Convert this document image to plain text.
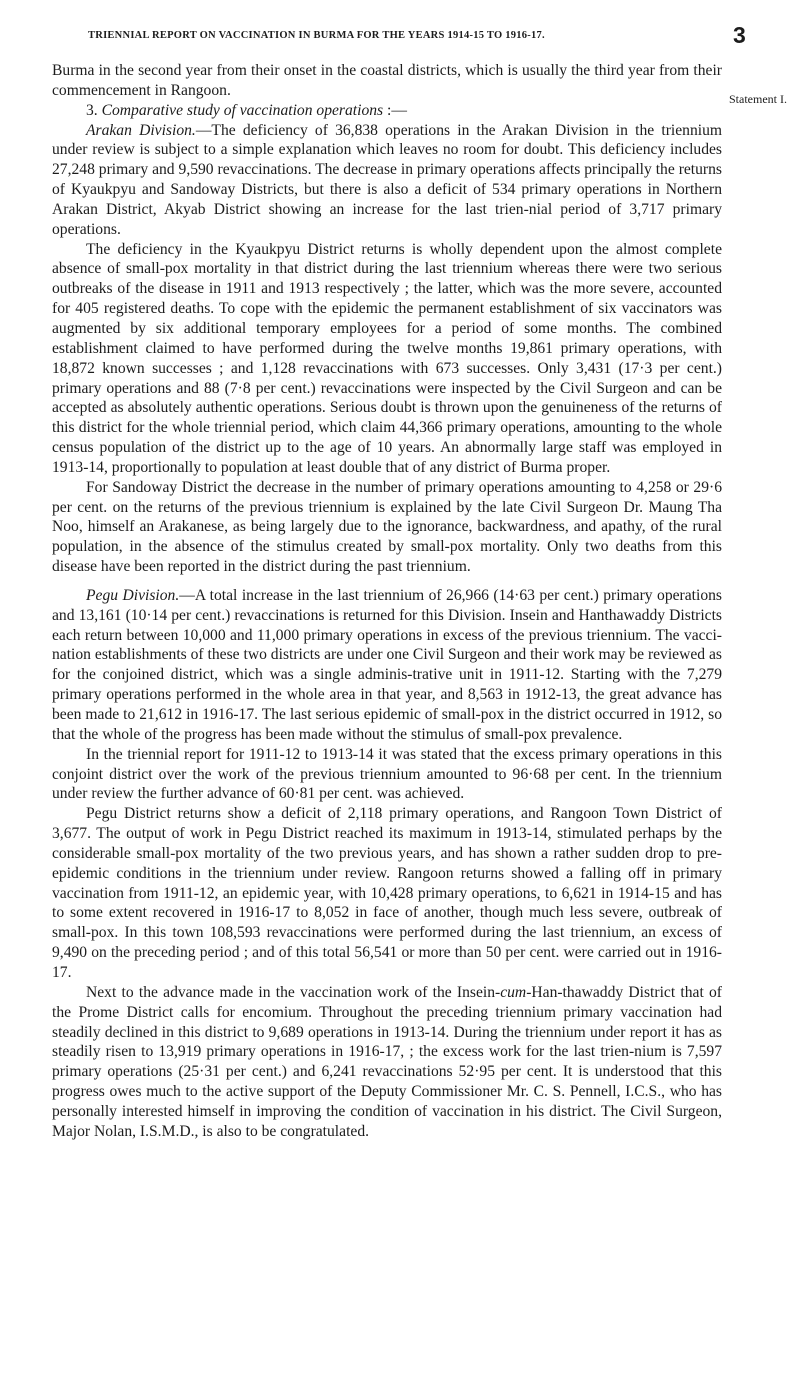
TRIENNIAL REPORT ON VACCINATION IN BURMA FOR THE YEARS 1914-15 TO 1916-17.	3
Statement I.

Burma in the second year from their onset in the coastal districts, which is usually the third year from their commencement in Rangoon.

3. Comparative study of vaccination operations :—

Arakan Division.—The deficiency of 36,838 operations in the Arakan Division in the triennium under review is subject to a simple explanation which leaves no room for doubt. This deficiency includes 27,248 primary and 9,590 revaccinations. The decrease in primary operations affects principally the returns of Kyaukpyu and Sandoway Districts, but there is also a deficit of 534 primary operations in Northern Arakan District, Akyab District showing an increase for the last trien-nial period of 3,717 primary operations.

The deficiency in the Kyaukpyu District returns is wholly dependent upon the almost complete absence of small-pox mortality in that district during the last triennium whereas there were two serious outbreaks of the disease in 1911 and 1913 respectively ; the latter, which was the more severe, accounted for 405 registered deaths. To cope with the epidemic the permanent establishment of six vaccinators was augmented by six additional temporary employees for a period of some months. The combined establishment claimed to have performed during the twelve months 19,861 primary operations, with 18,872 known successes ; and 1,128 revaccinations with 673 successes. Only 3,431 (17·3 per cent.) primary operations and 88 (7·8 per cent.) revaccinations were inspected by the Civil Surgeon and can be accepted as absolutely authentic operations. Serious doubt is thrown upon the genuineness of the returns of this district for the whole triennial period, which claim 44,366 primary operations, amounting to the whole census population of the district up to the age of 10 years. An abnormally large staff was employed in 1913-14, proportionally to population at least double that of any district of Burma proper.

For Sandoway District the decrease in the number of primary operations amounting to 4,258 or 29·6 per cent. on the returns of the previous triennium is explained by the late Civil Surgeon Dr. Maung Tha Noo, himself an Arakanese, as being largely due to the ignorance, backwardness, and apathy, of the rural population, in the absence of the stimulus created by small-pox mortality. Only two deaths from this disease have been reported in the district during the past triennium.

Pegu Division.—A total increase in the last triennium of 26,966 (14·63 per cent.) primary operations and 13,161 (10·14 per cent.) revaccinations is returned for this Division. Insein and Hanthawaddy Districts each return between 10,000 and 11,000 primary operations in excess of the previous triennium. The vacci-nation establishments of these two districts are under one Civil Surgeon and their work may be reviewed as for the conjoined district, which was a single adminis-trative unit in 1911-12. Starting with the 7,279 primary operations performed in the whole area in that year, and 8,563 in 1912-13, the great advance has been made to 21,612 in 1916-17. The last serious epidemic of small-pox in the district occurred in 1912, so that the whole of the progress has been made without the stimulus of small-pox prevalence.

In the triennial report for 1911-12 to 1913-14 it was stated that the excess primary operations in this conjoint district over the work of the previous triennium amounted to 96·68 per cent. In the triennium under review the further advance of 60·81 per cent. was achieved.

Pegu District returns show a deficit of 2,118 primary operations, and Rangoon Town District of 3,677. The output of work in Pegu District reached its maximum in 1913-14, stimulated perhaps by the considerable small-pox mortality of the two previous years, and has shown a rather sudden drop to pre-epidemic conditions in the triennium under review. Rangoon returns showed a falling off in primary vaccination from 1911-12, an epidemic year, with 10,428 primary operations, to 6,621 in 1914-15 and has to some extent recovered in 1916-17 to 8,052 in face of another, though much less severe, outbreak of small-pox. In this town 108,593 revaccinations were performed during the last triennium, an excess of 9,490 on the preceding period ; and of this total 56,541 or more than 50 per cent. were carried out in 1916-17.

Next to the advance made in the vaccination work of the Insein-cum-Han-thawaddy District that of the Prome District calls for encomium. Throughout the preceding triennium primary vaccination had steadily declined in this district to 9,689 operations in 1913-14. During the triennium under report it has as steadily risen to 13,919 primary operations in 1916-17, ; the excess work for the last trien-nium is 7,597 primary operations (25·31 per cent.) and 6,241 revaccinations 52·95 per cent. It is understood that this progress owes much to the active support of the Deputy Commissioner Mr. C. S. Pennell, I.C.S., who has personally interested himself in improving the condition of vaccination in his district. The Civil Surgeon, Major Nolan, I.S.M.D., is also to be congratulated.
